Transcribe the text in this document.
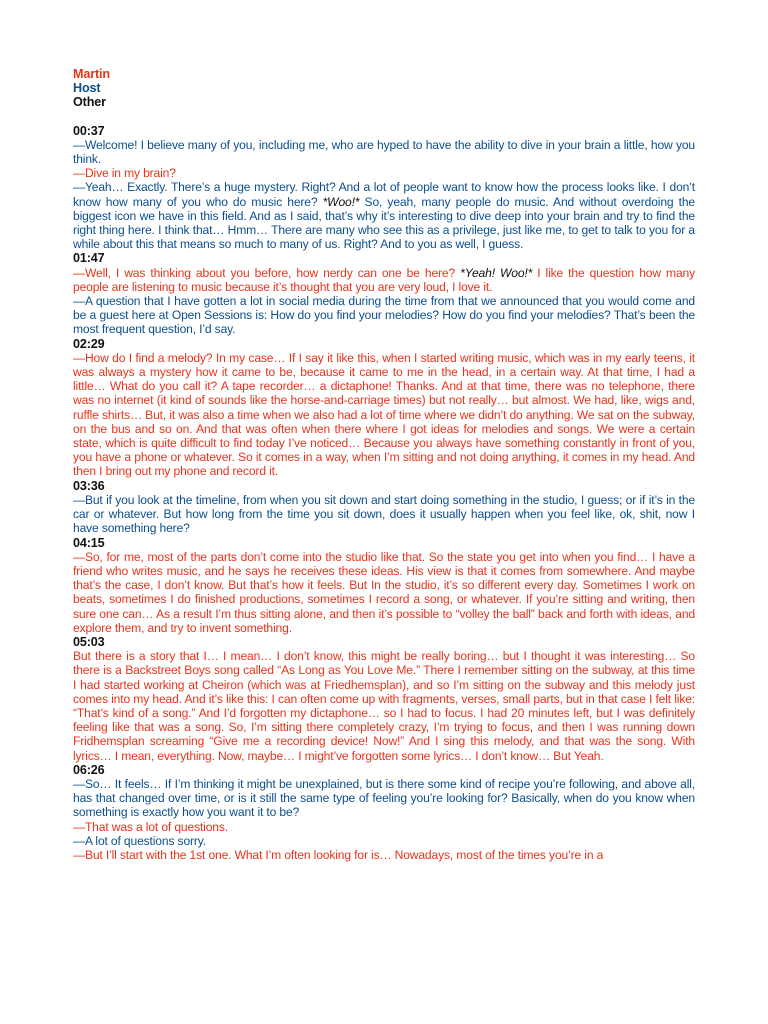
Martin
Host
Other
00:37

—Welcome! I believe many of you, including me, who are hyped to have the ability to dive in your brain a little, how you think.

—Dive in my brain?

—Yeah… Exactly. There’s a huge mystery. Right? And a lot of people want to know how the process looks like. I don’t know how many of you who do music here? *Woo!* So, yeah, many people do music. And without overdoing the biggest icon we have in this field. And as I said, that’s why it’s interesting to dive deep into your brain and try to find the right thing here. I think that… Hmm… There are many who see this as a privilege, just like me, to get to talk to you for a while about this that means so much to many of us. Right? And to you as well, I guess.

01:47

—Well, I was thinking about you before, how nerdy can one be here? *Yeah! Woo!* I like the question how many people are listening to music because it’s thought that you are very loud, I love it.

—A question that I have gotten a lot in social media during the time from that we announced that you would come and be a guest here at Open Sessions is: How do you find your melodies? How do you find your melodies? That’s been the most frequent question, I’d say.

02:29

—How do I find a melody? In my case… If I say it like this, when I started writing music, which was in my early teens, it was always a mystery how it came to be, because it came to me in the head, in a certain way. At that time, I had a little… What do you call it? A tape recorder… a dictaphone! Thanks. And at that time, there was no telephone, there was no internet (it kind of sounds like the horse-and-carriage times) but not really… but almost. We had, like, wigs and, ruffle shirts… But, it was also a time when we also had a lot of time where we didn’t do anything. We sat on the subway, on the bus and so on. And that was often when there where I got ideas for melodies and songs. We were a certain state, which is quite difficult to find today I’ve noticed… Because you always have something constantly in front of you, you have a phone or whatever. So it comes in a way, when I’m sitting and not doing anything, it comes in my head. And then I bring out my phone and record it.

03:36

—But if you look at the timeline, from when you sit down and start doing something in the studio, I guess; or if it’s in the car or whatever. But how long from the time you sit down, does it usually happen when you feel like, ok, shit, now I have something here?

04:15

—So, for me, most of the parts don’t come into the studio like that. So the state you get into when you find… I have a friend who writes music, and he says he receives these ideas. His view is that it comes from somewhere. And maybe that’s the case, I don’t know. But that’s how it feels. But In the studio, it’s so different every day. Sometimes I work on beats, sometimes I do finished productions, sometimes I record a song, or whatever. If you’re sitting and writing, then sure one can… As a result I’m thus sitting alone, and then it’s possible to “volley the ball” back and forth with ideas, and explore them, and try to invent something.

05:03

But there is a story that I… I mean… I don’t know, this might be really boring… but I thought it was interesting… So there is a Backstreet Boys song called “As Long as You Love Me.” There I remember sitting on the subway, at this time I had started working at Cheiron (which was at Friedhemsplan), and so I’m sitting on the subway and this melody just comes into my head. And it’s like this: I can often come up with fragments, verses, small parts, but in that case I felt like: “That’s kind of a song.” And I’d forgotten my dictaphone… so I had to focus. I had 20 minutes left, but I was definitely feeling like that was a song. So, I’m sitting there completely crazy, I’m trying to focus, and then I was running down Fridhemsplan screaming “Give me a recording device! Now!” And I sing this melody, and that was the song. With lyrics… I mean, everything. Now, maybe… I might’ve forgotten some lyrics… I don’t know… But Yeah.

06:26

—So… It feels… If I’m thinking it might be unexplained, but is there some kind of recipe you’re following, and above all, has that changed over time, or is it still the same type of feeling you’re looking for? Basically, when do you know when something is exactly how you want it to be?

—That was a lot of questions.

—A lot of questions sorry.

—But I’ll start with the 1st one. What I’m often looking for is… Nowadays, most of the times you’re in a
